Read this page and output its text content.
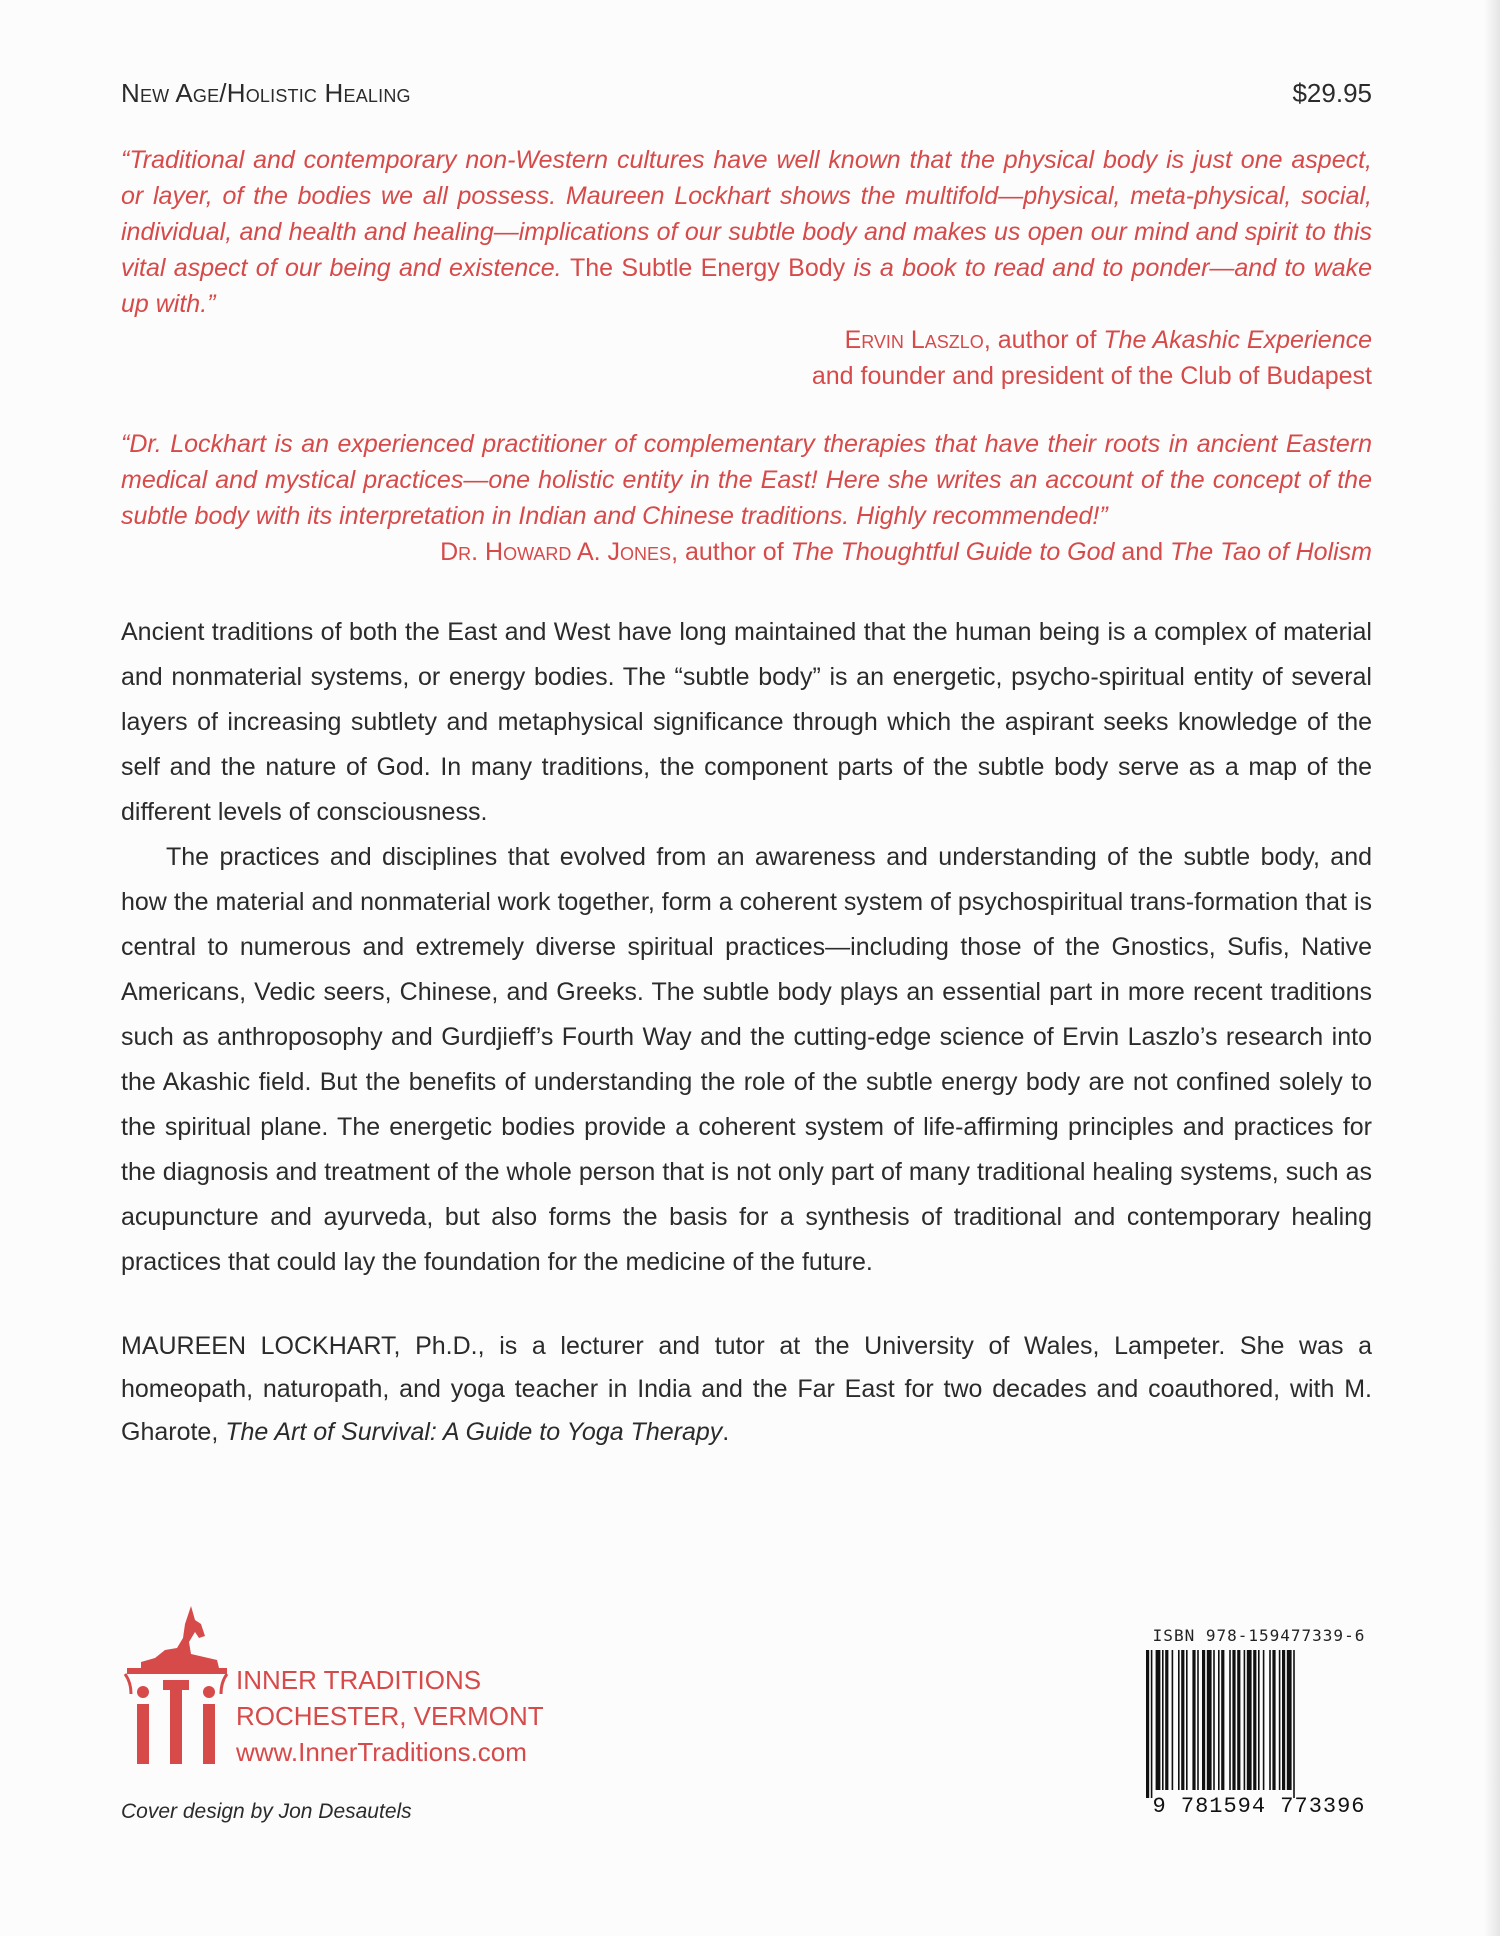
New Age/Holistic Healing	$29.95
“Traditional and contemporary non-Western cultures have well known that the physical body is just one aspect, or layer, of the bodies we all possess. Maureen Lockhart shows the multifold—physical, meta-physical, social, individual, and health and healing—implications of our subtle body and makes us open our mind and spirit to this vital aspect of our being and existence. The Subtle Energy Body is a book to read and to ponder—and to wake up with.”
Ervin Laszlo, author of The Akashic Experience
and founder and president of the Club of Budapest
“Dr. Lockhart is an experienced practitioner of complementary therapies that have their roots in ancient Eastern medical and mystical practices—one holistic entity in the East! Here she writes an account of the concept of the subtle body with its interpretation in Indian and Chinese traditions. Highly recommended!”
Dr. Howard A. Jones, author of The Thoughtful Guide to God and The Tao of Holism

Ancient traditions of both the East and West have long maintained that the human being is a complex of material and nonmaterial systems, or energy bodies. The “subtle body” is an energetic, psycho-spiritual entity of several layers of increasing subtlety and metaphysical significance through which the aspirant seeks knowledge of the self and the nature of God. In many traditions, the component parts of the subtle body serve as a map of the different levels of consciousness.

The practices and disciplines that evolved from an awareness and understanding of the subtle body, and how the material and nonmaterial work together, form a coherent system of psychospiritual trans-formation that is central to numerous and extremely diverse spiritual practices—including those of the Gnostics, Sufis, Native Americans, Vedic seers, Chinese, and Greeks. The subtle body plays an essential part in more recent traditions such as anthroposophy and Gurdjieff’s Fourth Way and the cutting-edge science of Ervin Laszlo’s research into the Akashic field. But the benefits of understanding the role of the subtle energy body are not confined solely to the spiritual plane. The energetic bodies provide a coherent system of life-affirming principles and practices for the diagnosis and treatment of the whole person that is not only part of many traditional healing systems, such as acupuncture and ayurveda, but also forms the basis for a synthesis of traditional and contemporary healing practices that could lay the foundation for the medicine of the future.

MAUREEN LOCKHART, Ph.D., is a lecturer and tutor at the University of Wales, Lampeter. She was a homeopath, naturopath, and yoga teacher in India and the Far East for two decades and coauthored, with M. Gharote, The Art of Survival: A Guide to Yoga Therapy.
INNER TRADITIONS
ROCHESTER, VERMONT
www.InnerTraditions.com
Cover design by Jon Desautels
ISBN 978-159477339-6
9 781594 773396
